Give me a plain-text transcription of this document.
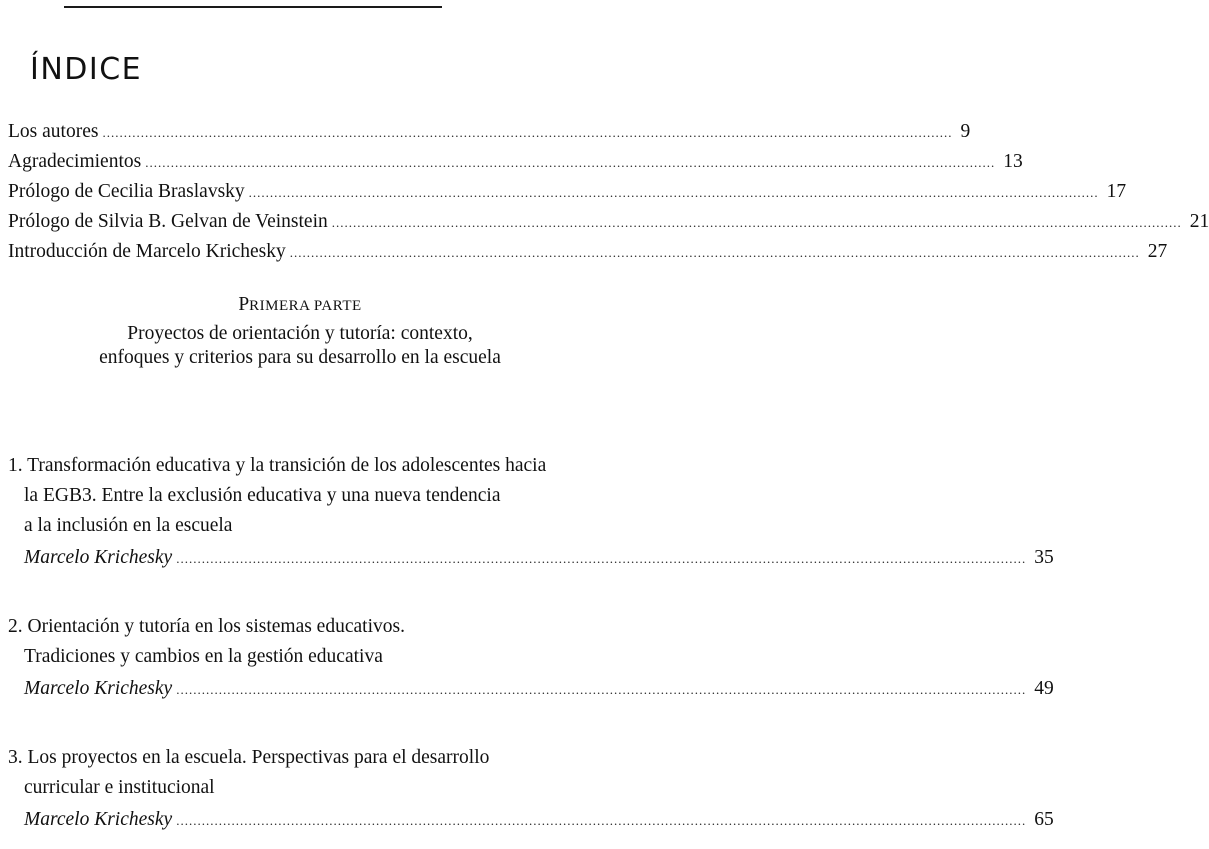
ÍNDICE
Los autores ........................................................................................................................................................................................................ 9
Agradecimientos ........................................................................................................................................................................................................ 13
Prólogo de Cecilia Braslavsky ........................................................................................................................................................................................................ 17
Prólogo de Silvia B. Gelvan de Veinstein ........................................................................................................................................................................................................ 21
Introducción de Marcelo Krichesky ........................................................................................................................................................................................................ 27
PRIMERA PARTE
Proyectos de orientación y tutoría: contexto,
enfoques y criterios para su desarrollo en la escuela
1. Transformación educativa y la transición de los adolescentes hacia
la EGB3. Entre la exclusión educativa y una nueva tendencia
a la inclusión en la escuela
Marcelo Krichesky ........................................................................................................................................................................................................ 35
2. Orientación y tutoría en los sistemas educativos.
Tradiciones y cambios en la gestión educativa
Marcelo Krichesky ........................................................................................................................................................................................................ 49
3. Los proyectos en la escuela. Perspectivas para el desarrollo
curricular e institucional
Marcelo Krichesky ........................................................................................................................................................................................................ 65
